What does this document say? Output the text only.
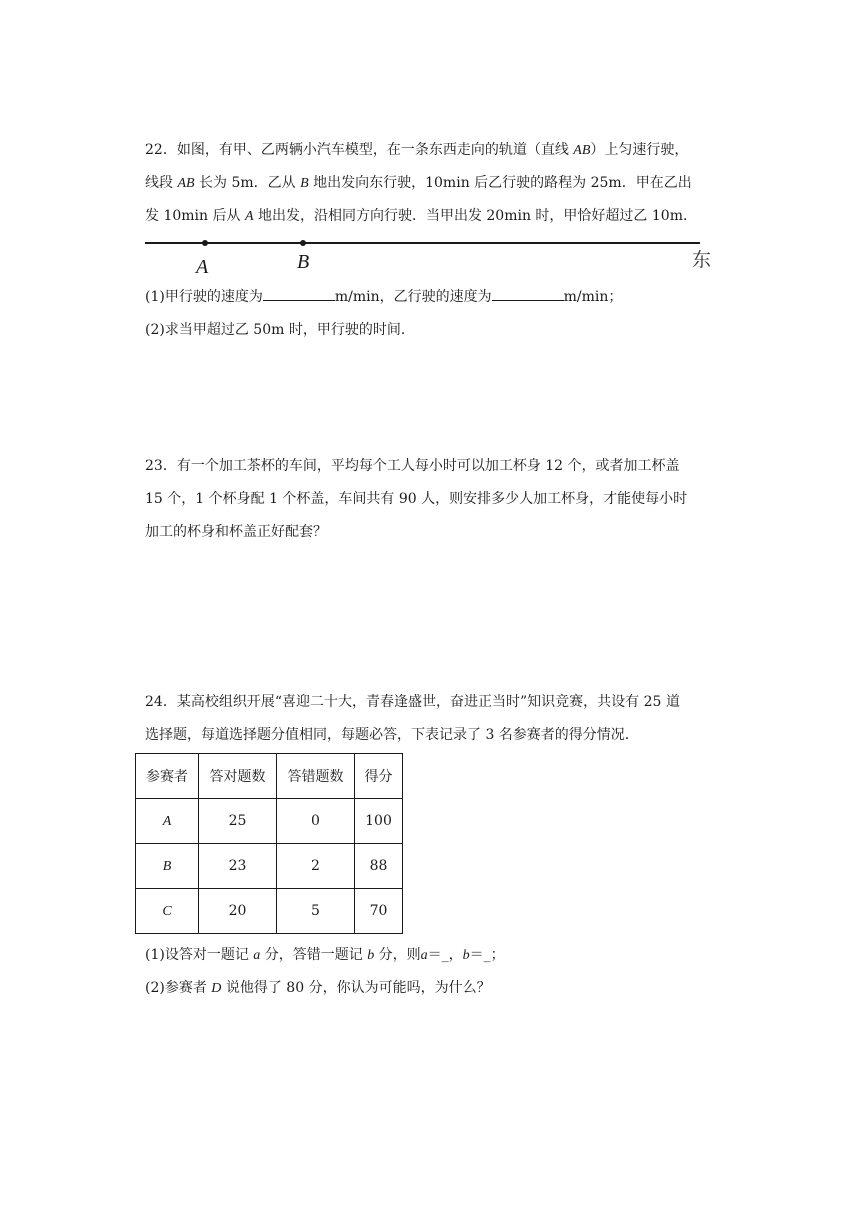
22．如图，有甲、乙两辆小汽车模型，在一条东西走向的轨道（直线 AB）上匀速行驶，
线段 AB 长为 5m．乙从 B 地出发向东行驶，10min 后乙行驶的路程为 25m．甲在乙出
发 10min 后从 A 地出发，沿相同方向行驶．当甲出发 20min 时，甲恰好超过乙 10m．
A	B	东
(1)甲行驶的速度为	m/min，乙行驶的速度为	m/min；
(2)求当甲超过乙 50m 时，甲行驶的时间．
23．有一个加工茶杯的车间，平均每个工人每小时可以加工杯身 12 个，或者加工杯盖
15 个，1 个杯身配 1 个杯盖，车间共有 90 人，则安排多少人加工杯身，才能使每小时
加工的杯身和杯盖正好配套？
24．某高校组织开展“喜迎二十大，青春逢盛世，奋进正当时”知识竞赛，共设有 25 道
选择题，每道选择题分值相同，每题必答，下表记录了 3 名参赛者的得分情况．
参赛者	答对题数	答错题数	得分
A	25	0	100
B	23	2	88
C	20	5	70
(1)设答对一题记 a 分，答错一题记 b 分，则a＝_，b＝_；
(2)参赛者 D 说他得了 80 分，你认为可能吗，为什么？
